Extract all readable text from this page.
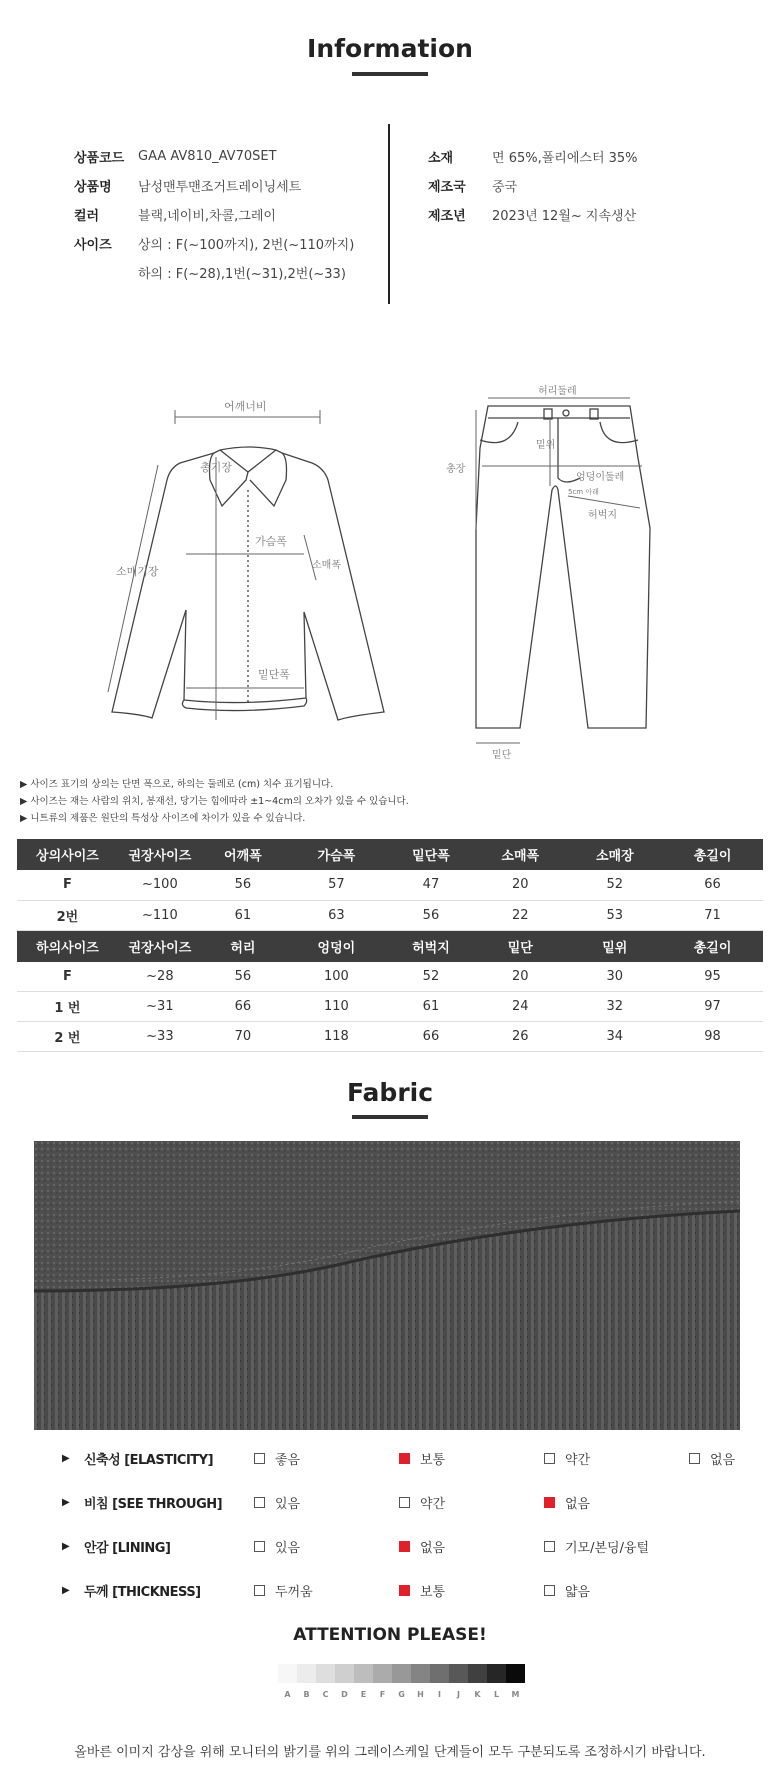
Information
상품코드	GAA AV810_AV70SET
상품명	남성맨투맨조거트레이닝세트
컬러	블랙,네이비,차콜,그레이
사이즈	상의 : F(~100까지), 2번(~110까지)
하의 : F(~28),1번(~31),2번(~33)
소재	면 65%,폴리에스터 35%
제조국	중국
제조년	2023년 12월~ 지속생산
어깨너비
총기장
가슴폭
소매폭
소매기장
밑단폭
허리둘레
총장
밑위
엉덩이둘레
5cm 아래
허벅지
밑단
▶ 사이즈 표기의 상의는 단면 폭으로, 하의는 둘레로 (cm) 치수 표기됩니다.
▶ 사이즈는 재는 사람의 위치, 봉재선, 당기는 힘에따라 ±1~4cm의 오차가 있을 수 있습니다.
▶ 니트류의 제품은 원단의 특성상 사이즈에 차이가 있을 수 있습니다.
상의사이즈	권장사이즈	어깨폭	가슴폭	밑단폭	소매폭	소매장	총길이
F	~100	56	57	47	20	52	66
2번	~110	61	63	56	22	53	71
하의사이즈	권장사이즈	허리	엉덩이	허벅지	밑단	밑위	총길이
F	~28	56	100	52	20	30	95
1 번	~31	66	110	61	24	32	97
2 번	~33	70	118	66	26	34	98
Fabric
▶	신축성 [ELASTICITY]	좋음	보통	약간	없음
▶	비침 [SEE THROUGH]	있음	약간	없음
▶	안감 [LINING]	있음	없음	기모/본딩/융털
▶	두께 [THICKNESS]	두꺼움	보통	얇음
ATTENTION PLEASE!
A	B	C	D	E	F	G	H	I	J	K	L	M
올바른 이미지 감상을 위해 모니터의 밝기를 위의 그레이스케일 단계들이 모두 구분되도록 조정하시기 바랍니다.
